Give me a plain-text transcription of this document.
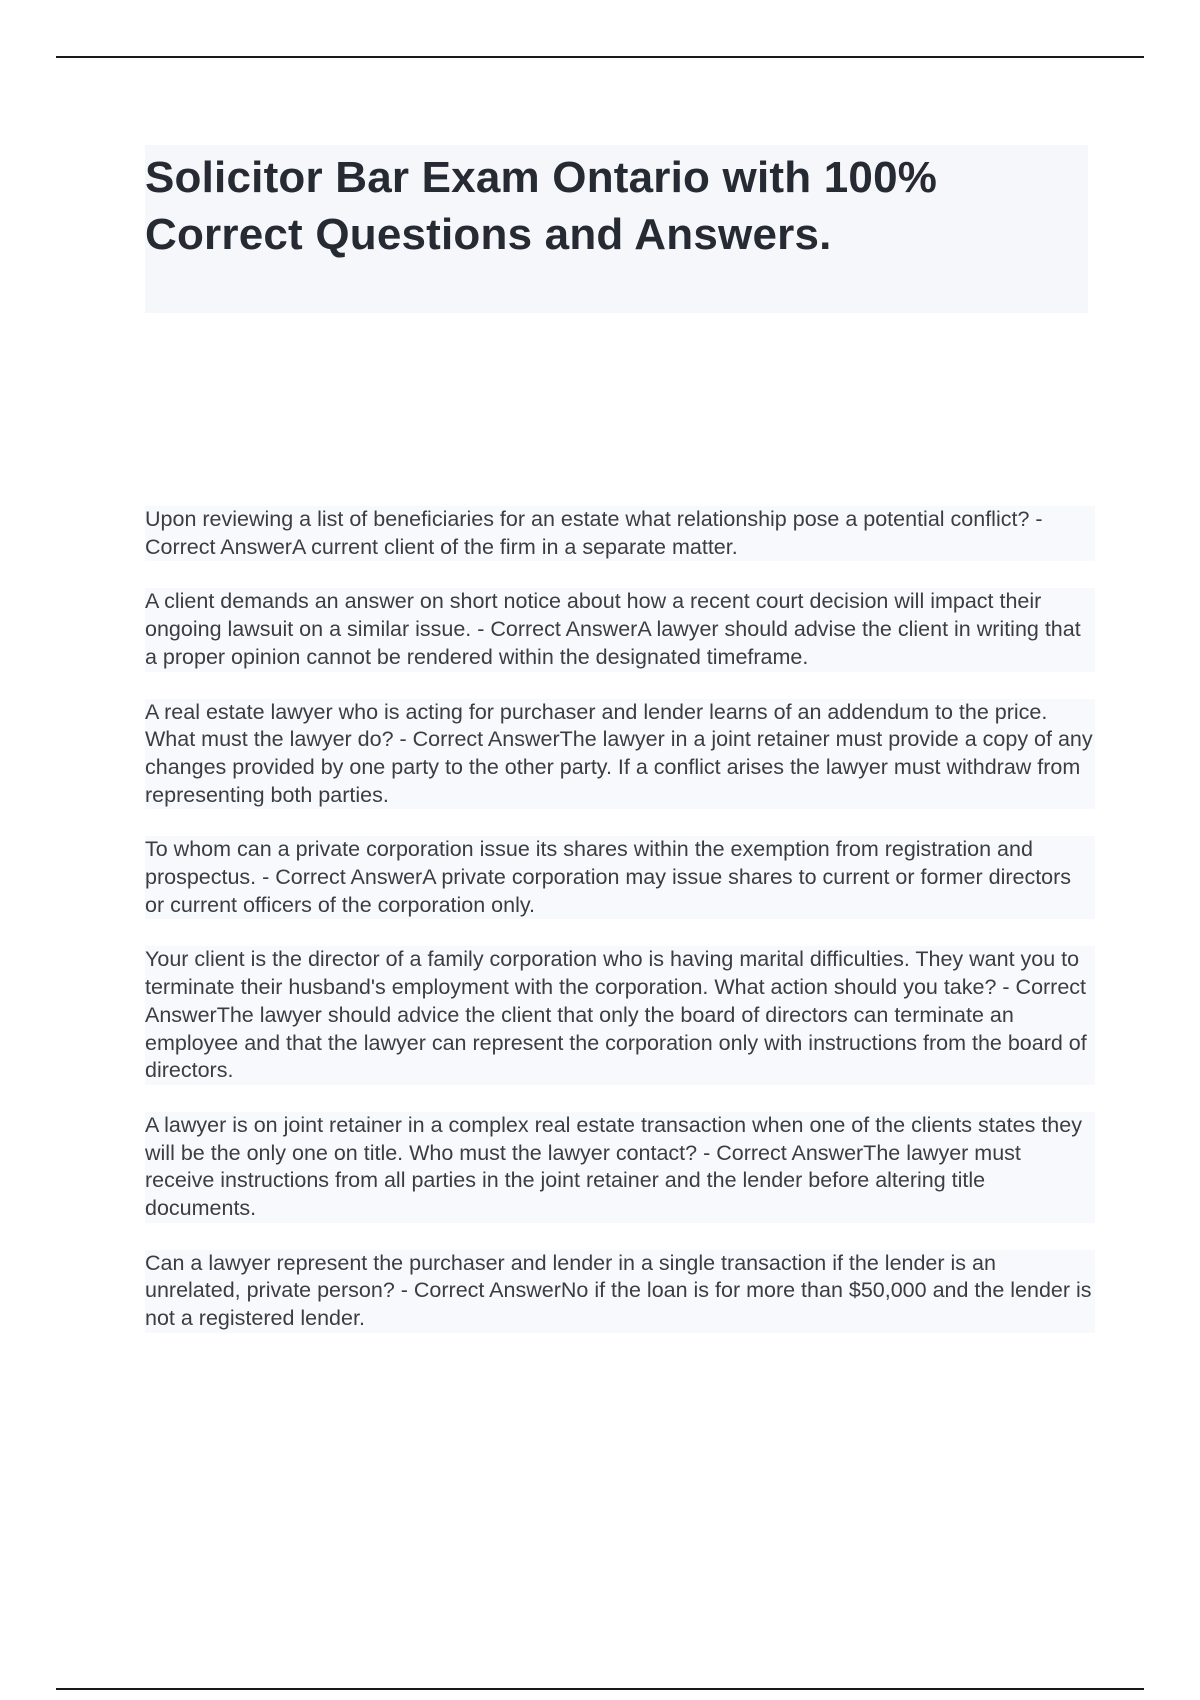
Solicitor Bar Exam Ontario with 100% Correct Questions and Answers.

Upon reviewing a list of beneficiaries for an estate what relationship pose a potential conflict? - Correct AnswerA current client of the firm in a separate matter.

A client demands an answer on short notice about how a recent court decision will impact their ongoing lawsuit on a similar issue. - Correct AnswerA lawyer should advise the client in writing that a proper opinion cannot be rendered within the designated timeframe.

A real estate lawyer who is acting for purchaser and lender learns of an addendum to the price. What must the lawyer do? - Correct AnswerThe lawyer in a joint retainer must provide a copy of any changes provided by one party to the other party. If a conflict arises the lawyer must withdraw from representing both parties.

To whom can a private corporation issue its shares within the exemption from registration and prospectus. - Correct AnswerA private corporation may issue shares to current or former directors or current officers of the corporation only.

Your client is the director of a family corporation who is having marital difficulties. They want you to terminate their husband's employment with the corporation. What action should you take? - Correct AnswerThe lawyer should advice the client that only the board of directors can terminate an employee and that the lawyer can represent the corporation only with instructions from the board of directors.

A lawyer is on joint retainer in a complex real estate transaction when one of the clients states they will be the only one on title. Who must the lawyer contact? - Correct AnswerThe lawyer must receive instructions from all parties in the joint retainer and the lender before altering title documents.

Can a lawyer represent the purchaser and lender in a single transaction if the lender is an unrelated, private person? - Correct AnswerNo if the loan is for more than $50,000 and the lender is not a registered lender.
